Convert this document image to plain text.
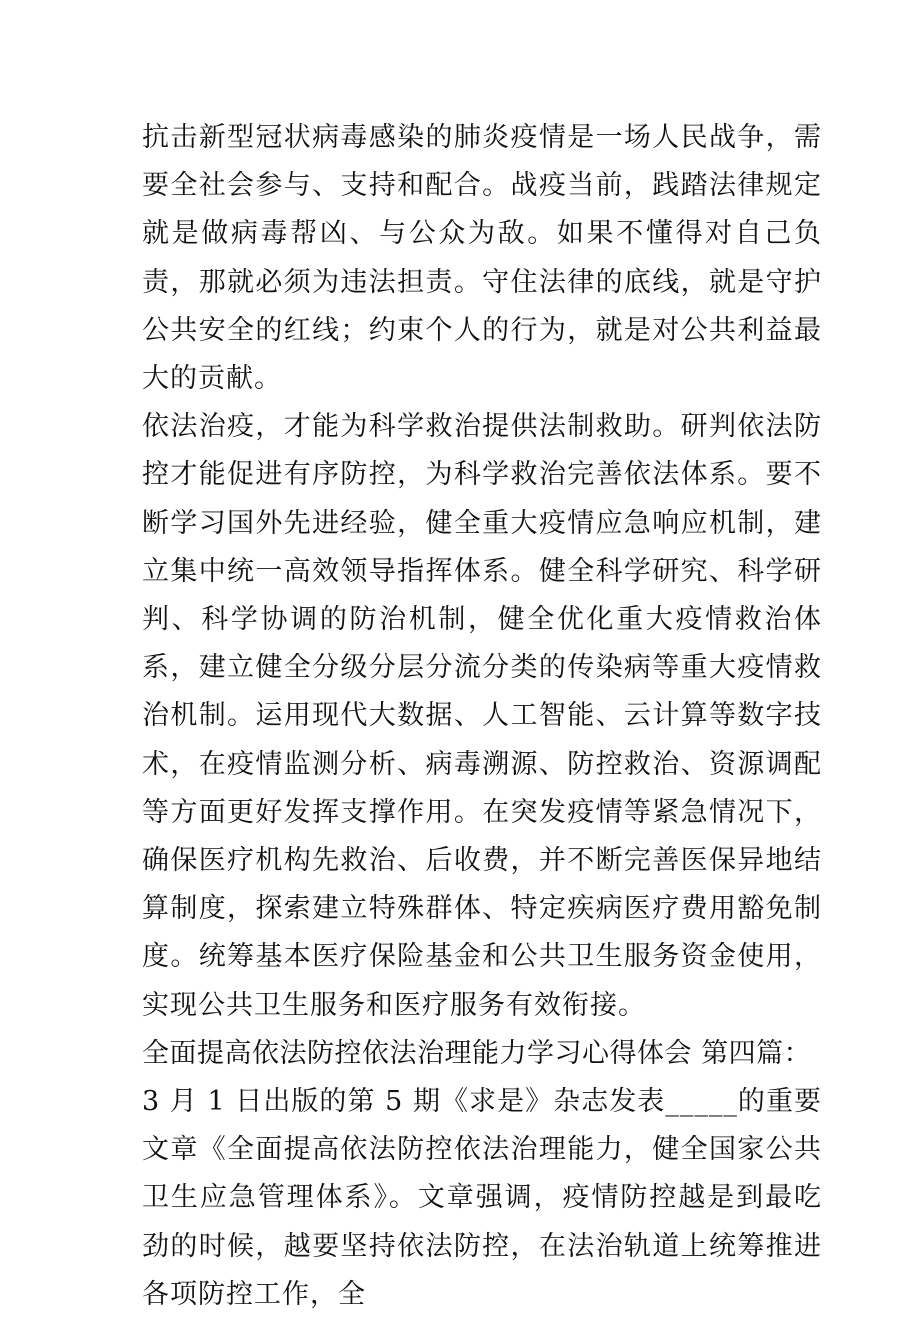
抗击新型冠状病毒感染的肺炎疫情是一场人民战争，需要全社会参与、支持和配合。战疫当前，践踏法律规定就是做病毒帮凶、与公众为敌。如果不懂得对自己负责，那就必须为违法担责。守住法律的底线，就是守护公共安全的红线；约束个人的行为，就是对公共利益最大的贡献。

依法治疫，才能为科学救治提供法制救助。研判依法防控才能促进有序防控，为科学救治完善依法体系。要不断学习国外先进经验，健全重大疫情应急响应机制，建立集中统一高效领导指挥体系。健全科学研究、科学研判、科学协调的防治机制，健全优化重大疫情救治体系，建立健全分级分层分流分类的传染病等重大疫情救治机制。运用现代大数据、人工智能、云计算等数字技术，在疫情监测分析、病毒溯源、防控救治、资源调配等方面更好发挥支撑作用。在突发疫情等紧急情况下，确保医疗机构先救治、后收费，并不断完善医保异地结算制度，探索建立特殊群体、特定疾病医疗费用豁免制度。统筹基本医疗保险基金和公共卫生服务资金使用，实现公共卫生服务和医疗服务有效衔接。

全面提高依法防控依法治理能力学习心得体会 第四篇：

3 月 1 日出版的第 5 期《求是》杂志发表_____的重要文章《全面提高依法防控依法治理能力，健全国家公共卫生应急管理体系》。文章强调，疫情防控越是到最吃劲的时候，越要坚持依法防控，在法治轨道上统筹推进各项防控工作，全
